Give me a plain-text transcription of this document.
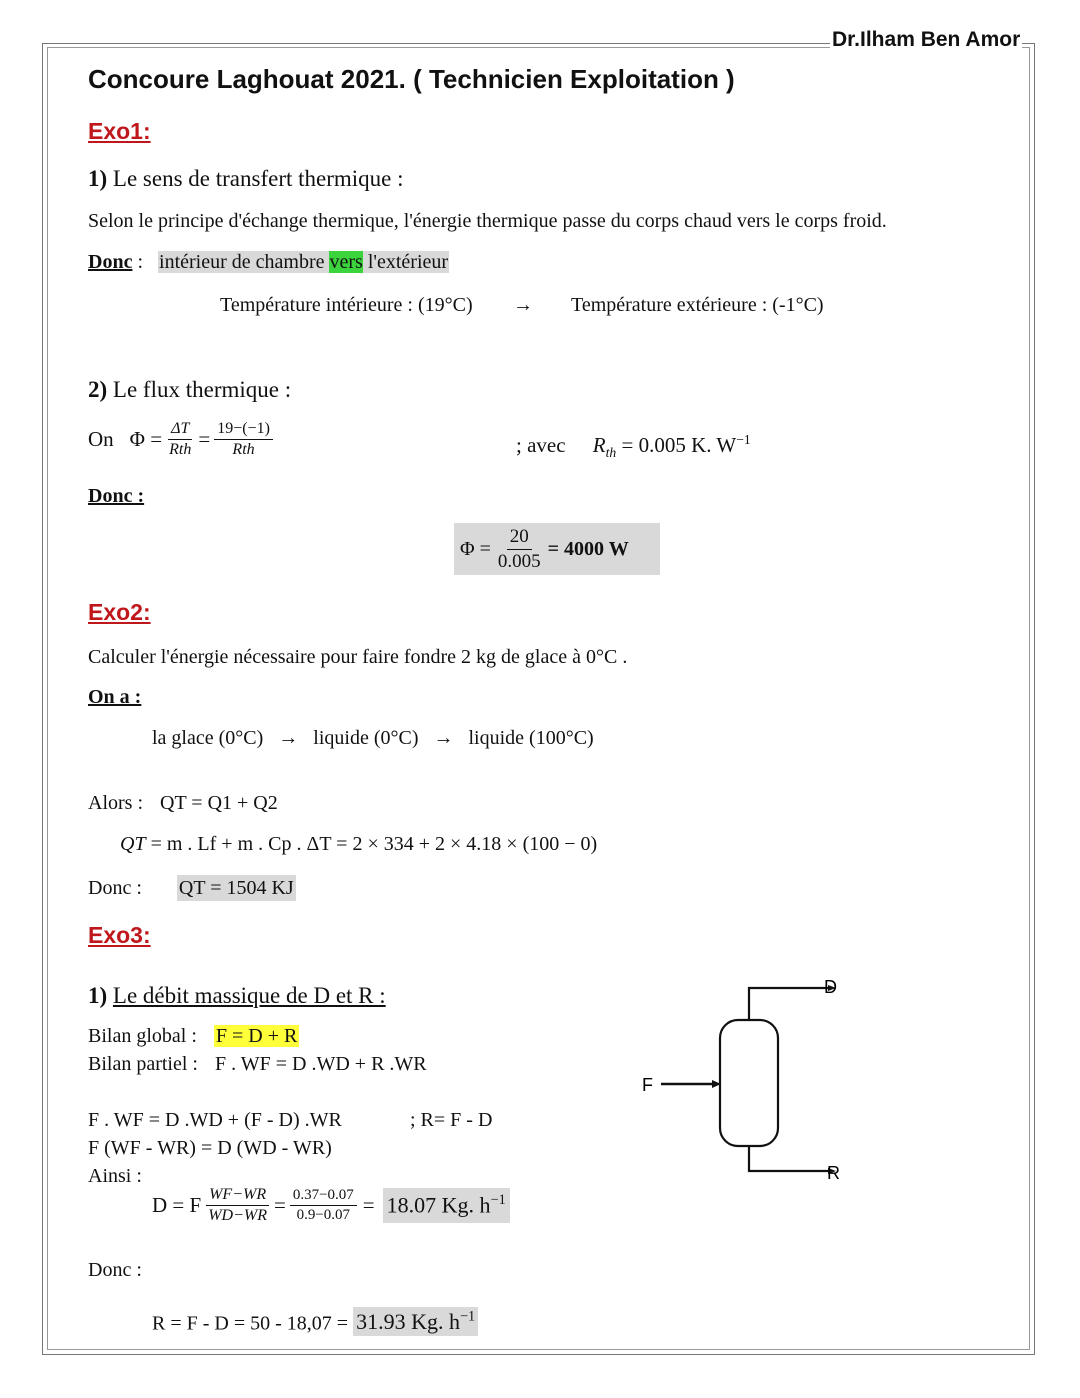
Dr.Ilham Ben Amor
Concoure Laghouat 2021. ( Technicien Exploitation )
Exo1:
1) Le sens de transfert thermique :
Selon le principe d'échange thermique, l'énergie thermique passe du corps chaud vers le corps froid.
Donc : intérieur de chambre vers l'extérieur
Température intérieure : (19°C) → Température extérieure : (-1°C)
2) Le flux thermique :
On $\Phi = \frac{\Delta T}{\text{Rth}} = \frac{19-(-1)}{\text{Rth}}$	; avec $R_{th} = 0.005$ K. $W^{-1}$
Donc :
$\Phi = \frac{20}{0.005} = 4000$ W
Exo2:
Calculer l'énergie nécessaire pour faire fondre 2 kg de glace à 0°C .
On a :
la glace (0°C) → liquide (0°C) → liquide (100°C)
Alors : QT = Q1 + Q2
QT = m . Lf + m . Cp . ΔT = 2 × 334 + 2 × 4.18 × (100 − 0)
Donc : QT = 1504 KJ
Exo3:
1) Le débit massique de D et R :
Bilan global : F = D + R
Bilan partiel : F . WF = D .WD + R .WR
F . WF = D .WD + (F - D) .WR	; R= F - D
F (WF - WR) = D (WD - WR)
Ainsi :
D = F $\frac{WF-WR}{WD-WR} = \frac{0.37-0.07}{0.9-0.07} = 18.07$ Kg. $h^{-1}$
Donc :
R = F - D = 50 - 18,07 = 31.93 Kg. $h^{-1}$
D
F
R
